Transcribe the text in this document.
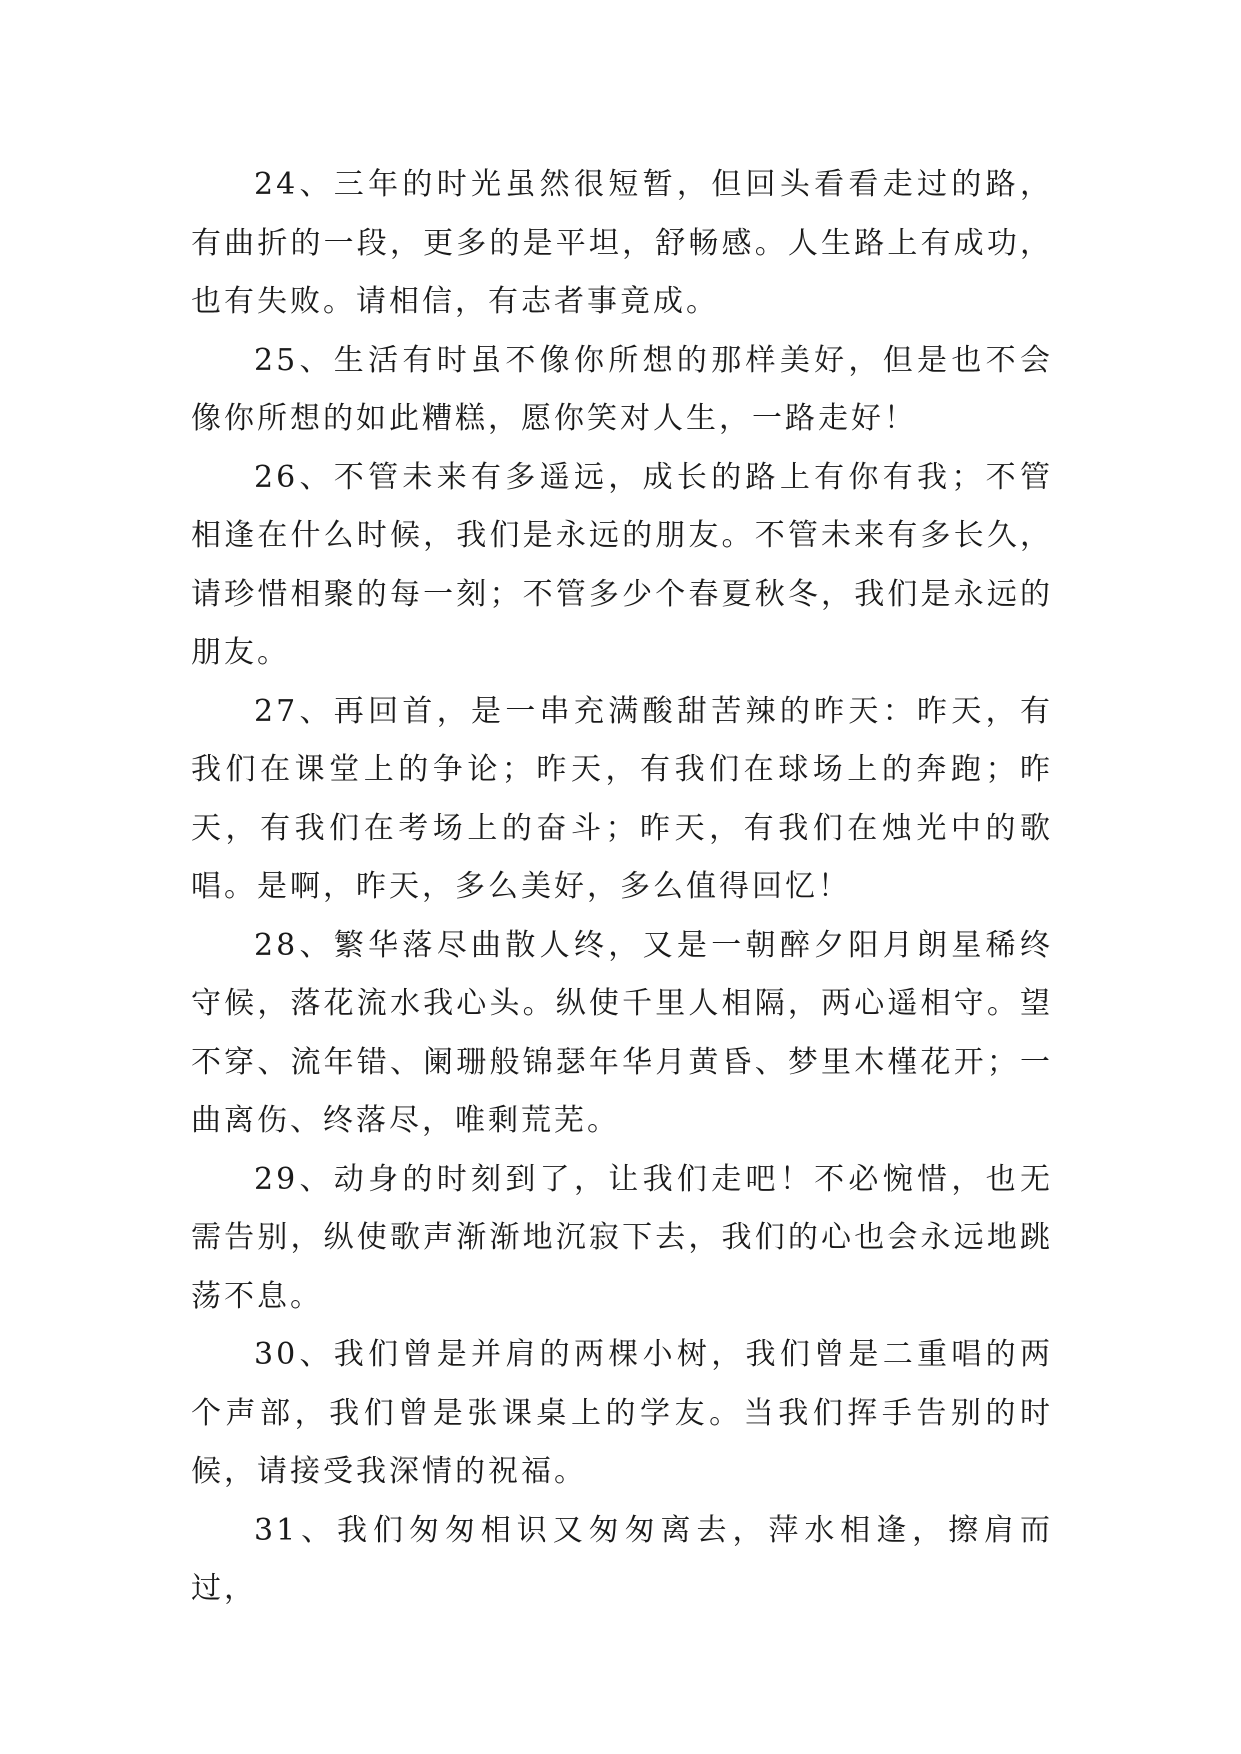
24、三年的时光虽然很短暂，但回头看看走过的路，有曲折的一段，更多的是平坦，舒畅感。人生路上有成功，也有失败。请相信，有志者事竟成。

25、生活有时虽不像你所想的那样美好，但是也不会像你所想的如此糟糕，愿你笑对人生，一路走好！

26、不管未来有多遥远，成长的路上有你有我；不管相逢在什么时候，我们是永远的朋友。不管未来有多长久，请珍惜相聚的每一刻；不管多少个春夏秋冬，我们是永远的朋友。

27、再回首，是一串充满酸甜苦辣的昨天：昨天，有我们在课堂上的争论；昨天，有我们在球场上的奔跑；昨天，有我们在考场上的奋斗；昨天，有我们在烛光中的歌唱。是啊，昨天，多么美好，多么值得回忆！

28、繁华落尽曲散人终，又是一朝醉夕阳月朗星稀终守候，落花流水我心头。纵使千里人相隔，两心遥相守。望不穿、流年错、阑珊般锦瑟年华月黄昏、梦里木槿花开；一曲离伤、终落尽，唯剩荒芜。

29、动身的时刻到了，让我们走吧！不必惋惜，也无需告别，纵使歌声渐渐地沉寂下去，我们的心也会永远地跳荡不息。

30、我们曾是并肩的两棵小树，我们曾是二重唱的两个声部，我们曾是张课桌上的学友。当我们挥手告别的时候，请接受我深情的祝福。

31、我们匆匆相识又匆匆离去，萍水相逢，擦肩而过，
